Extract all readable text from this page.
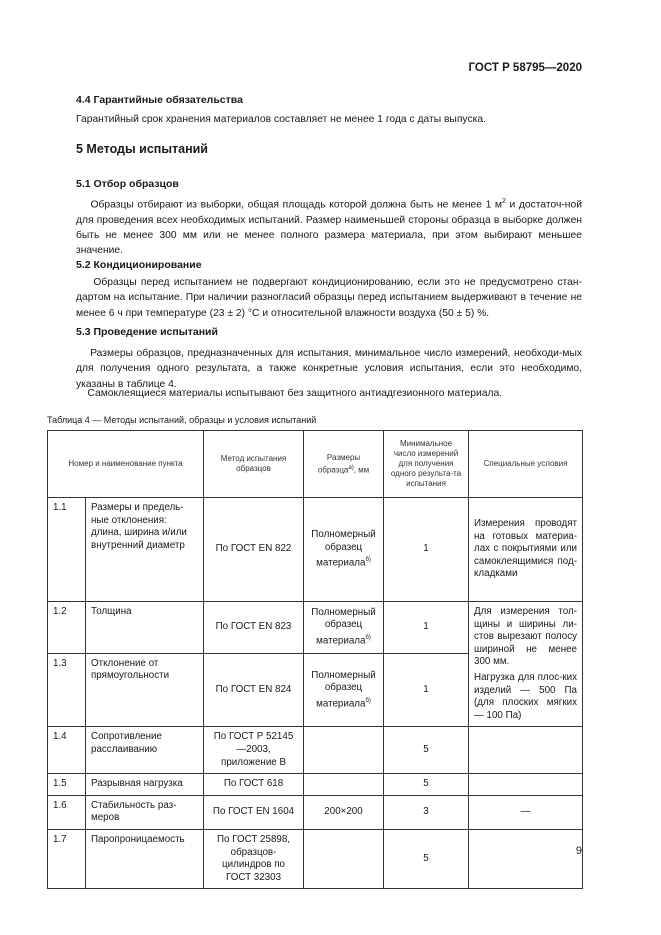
ГОСТ Р 58795—2020
4.4 Гарантийные обязательства
Гарантийный срок хранения материалов составляет не менее 1 года с даты выпуска.
5 Методы испытаний
5.1 Отбор образцов
Образцы отбирают из выборки, общая площадь которой должна быть не менее 1 $м^2$ и достаточ-ной для проведения всех необходимых испытаний. Размер наименьшей стороны образца в выборке должен быть не менее 300 мм или не менее полного размера материала, при этом выбирают меньшее значение.
5.2 Кондиционирование
Образцы перед испытанием не подвергают кондиционированию, если это не предусмотрено стан-дартом на испытание. При наличии разногласий образцы перед испытанием выдерживают в течение не менее 6 ч при температуре (23 ± 2) °С и относительной влажности воздуха (50 ± 5) %.
5.3 Проведение испытаний
Размеры образцов, предназначенных для испытания, минимальное число измерений, необходи-мых для получения одного результата, а также конкретные условия испытания, если это необходимо, указаны в таблице 4.
Самоклеящиеся материалы испытывают без защитного антиадгезионного материала.
Таблица 4 — Методы испытаний, образцы и условия испытаний
Номер и наименование пункта		Метод испытания образцов	Размеры образца$^{а)}$, мм	Минимальное число измерений для получения одного результа-та испытания	Специальные условия
1.1	Размеры и предель-ные отклонения: длина, ширина и/или внутренний диаметр	По ГОСТ EN 822	Полномерный образец материала$^{б)}$	1	Измерения проводят на готовых материа-лах с покрытиями или самоклеящимися под-кладками
1.2	Толщина	По ГОСТ EN 823	Полномерный образец материала$^{б)}$	1	Для измерения тол-щины и ширины ли-стов вырезают полосу шириной не менее 300 мм.
Нагрузка для плос-ких изделий — 500 Па (для плоских мягких — 100 Па)

1.3	Отклонение от прямоугольности	По ГОСТ EN 824	Полномерный образец материала$^{б)}$	1	
1.4	Сопротивление расслаиванию	По ГОСТ Р 52145—2003, приложение В		5	
1.5	Разрывная нагрузка	По ГОСТ 618		5	
1.6	Стабильность раз-меров	По ГОСТ EN 1604	200×200	3	—
1.7	Паропроницаемость	По ГОСТ 25898, образцов-цилиндров по ГОСТ 32303		5	
9
